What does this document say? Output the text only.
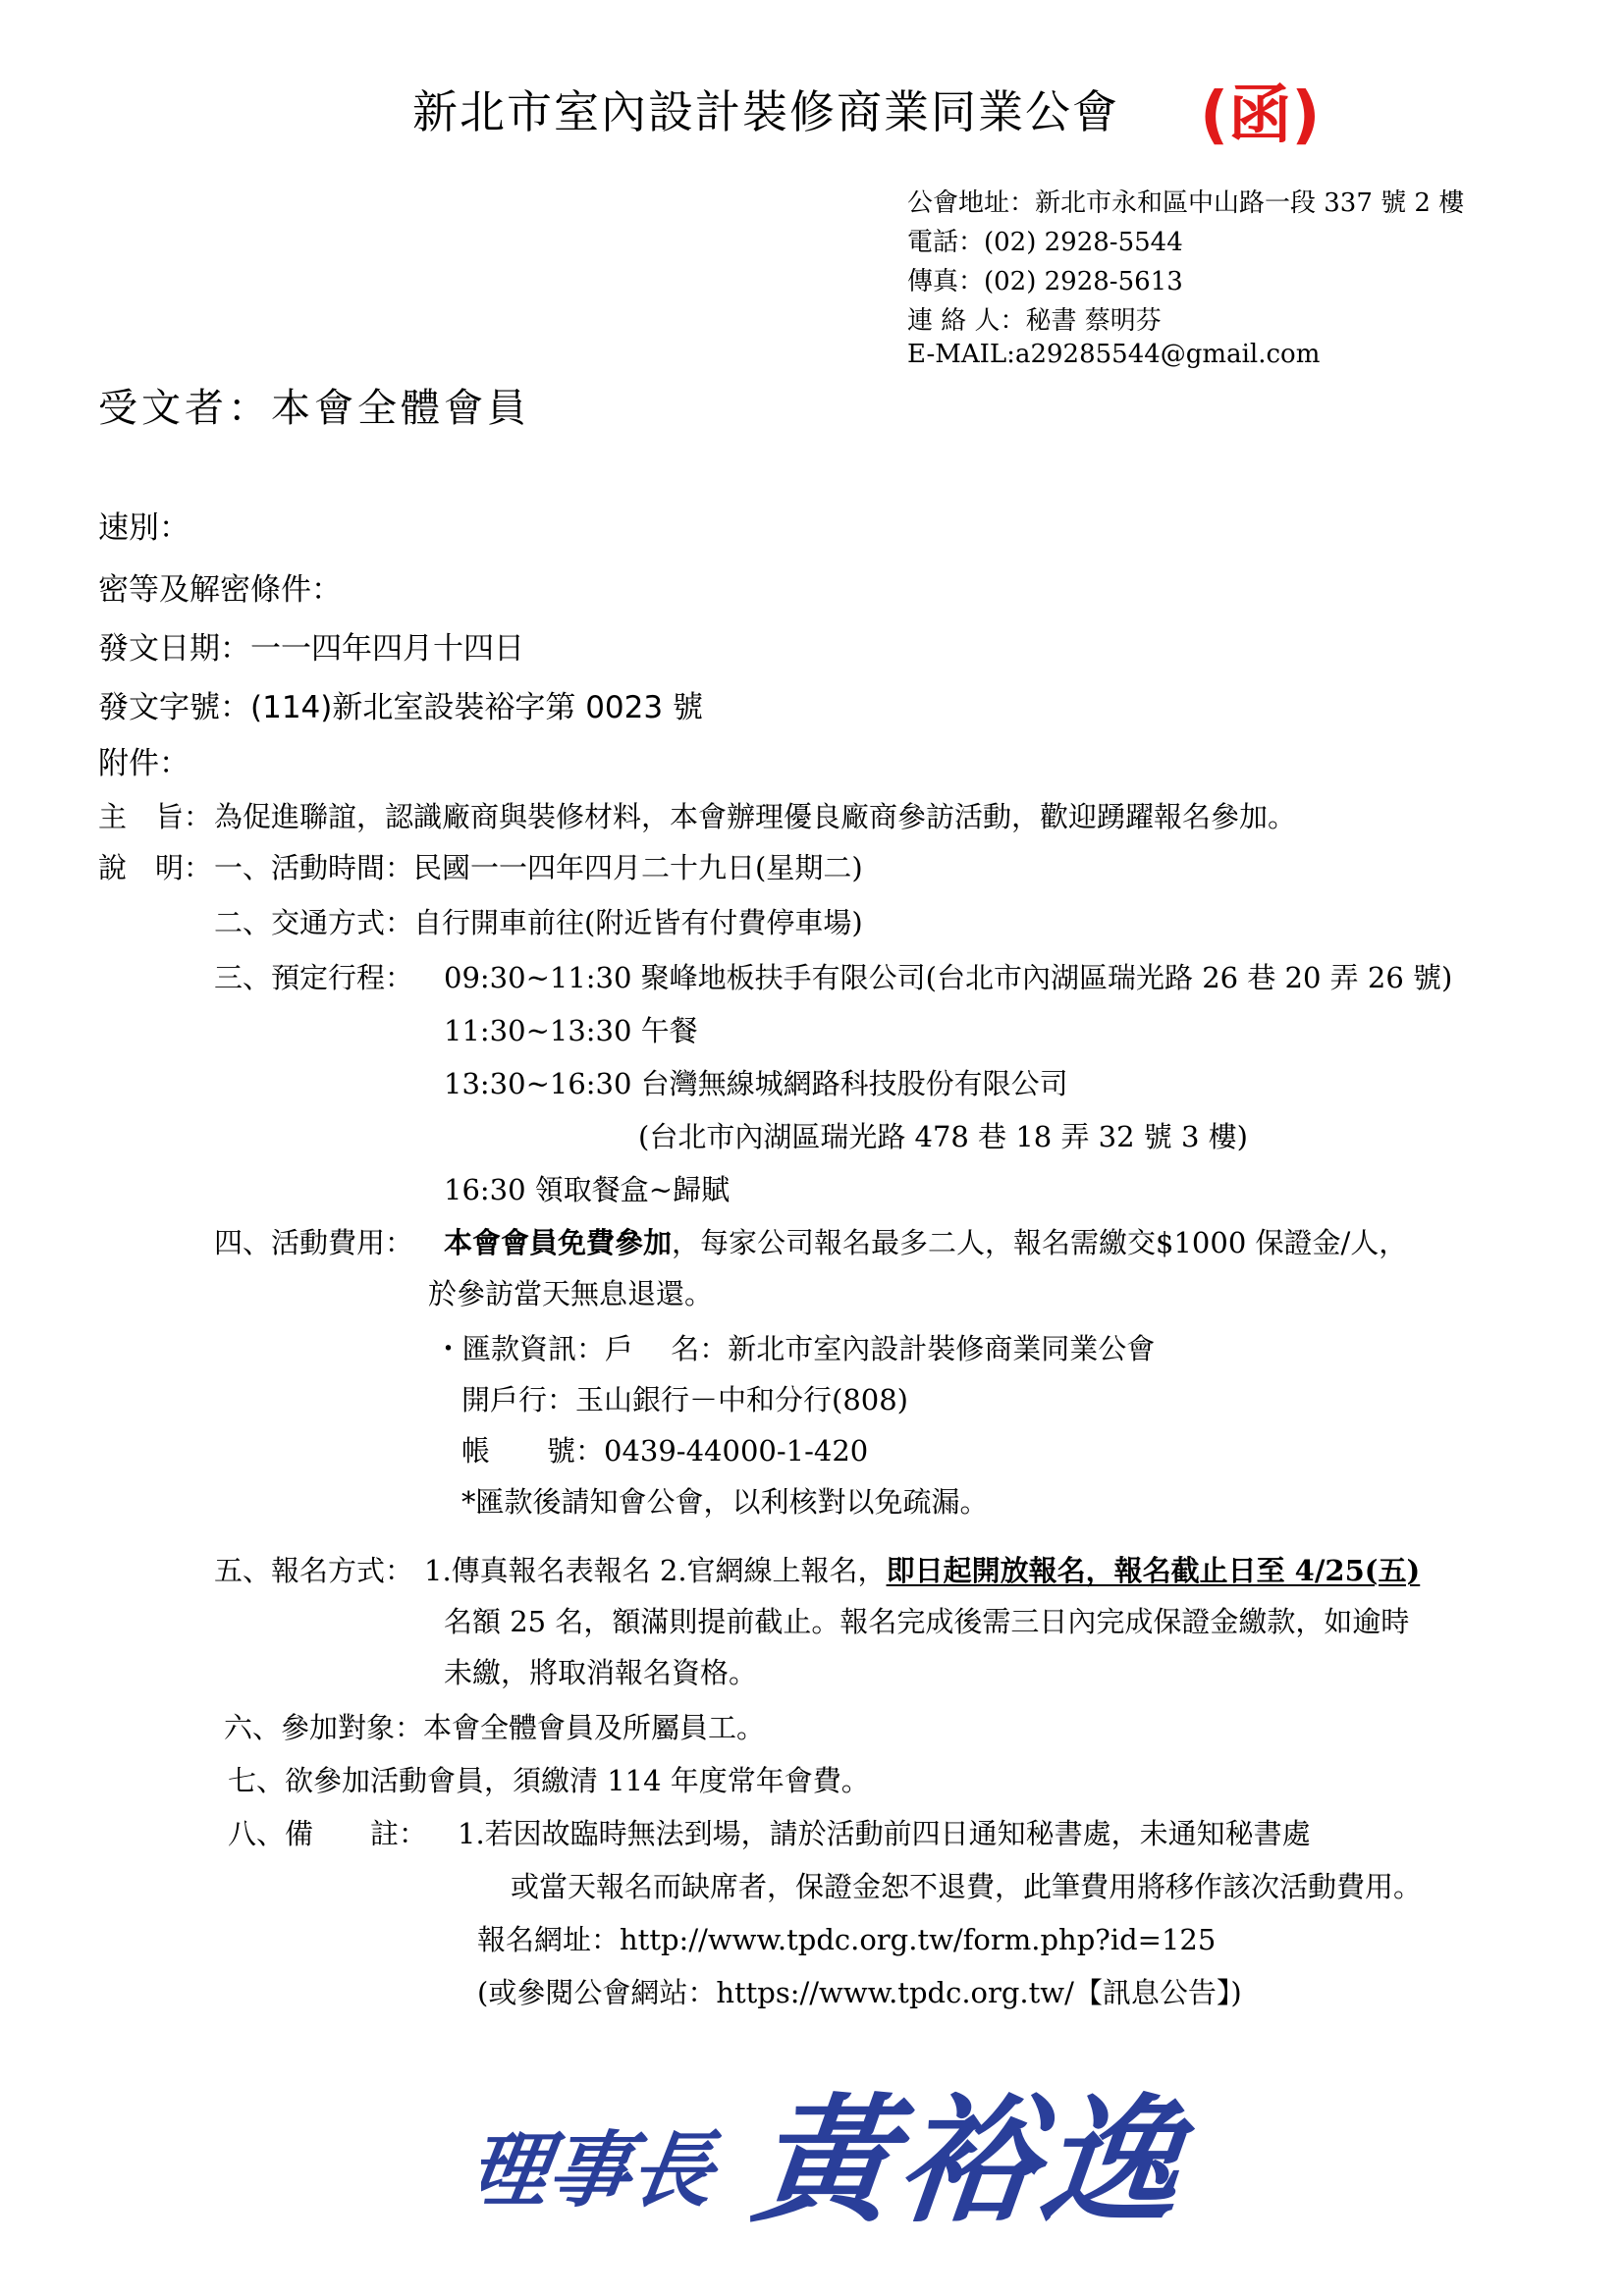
新北市室內設計裝修商業同業公會 (函)
公會地址：新北市永和區中山路一段 337 號 2 樓
電話：(02) 2928-5544
傳真：(02) 2928-5613
連 絡 人：秘書 蔡明芬
E-MAIL:a29285544@gmail.com
受文者：本會全體會員
速別：
密等及解密條件：
發文日期：一一四年四月十四日
發文字號：(114)新北室設裝裕字第 0023 號
附件：
主　旨： 為促進聯誼，認識廠商與裝修材料，本會辦理優良廠商參訪活動，歡迎踴躍報名參加。
說　明： 一、活動時間：民國一一四年四月二十九日(星期二)
二、交通方式：自行開車前往(附近皆有付費停車場)
三、預定行程： 09:30~11:30 聚峰地板扶手有限公司(台北市內湖區瑞光路 26 巷 20 弄 26 號)
11:30~13:30 午餐
13:30~16:30 台灣無線城網路科技股份有限公司
(台北市內湖區瑞光路 478 巷 18 弄 32 號 3 樓)
16:30 領取餐盒~歸賦
四、活動費用： 本會會員免費參加，每家公司報名最多二人，報名需繳交$1000 保證金/人，
於參訪當天無息退還。
・匯款資訊：戶　 名：新北市室內設計裝修商業同業公會
開戶行：玉山銀行－中和分行(808)
帳　　號：0439-44000-1-420
*匯款後請知會公會，以利核對以免疏漏。
五、報名方式： 1.傳真報名表報名 2.官網線上報名，即日起開放報名，報名截止日至 4/25(五)
名額 25 名，額滿則提前截止。報名完成後需三日內完成保證金繳款，如逾時
未繳，將取消報名資格。
六、參加對象：本會全體會員及所屬員工。
七、欲參加活動會員，須繳清 114 年度常年會費。
八、備　　註： 1.若因故臨時無法到場，請於活動前四日通知秘書處，未通知秘書處
或當天報名而缺席者，保證金恕不退費，此筆費用將移作該次活動費用。
報名網址：http://www.tpdc.org.tw/form.php?id=125
(或參閱公會網站：https://www.tpdc.org.tw/【訊息公告】)
理事長 黃裕逸
